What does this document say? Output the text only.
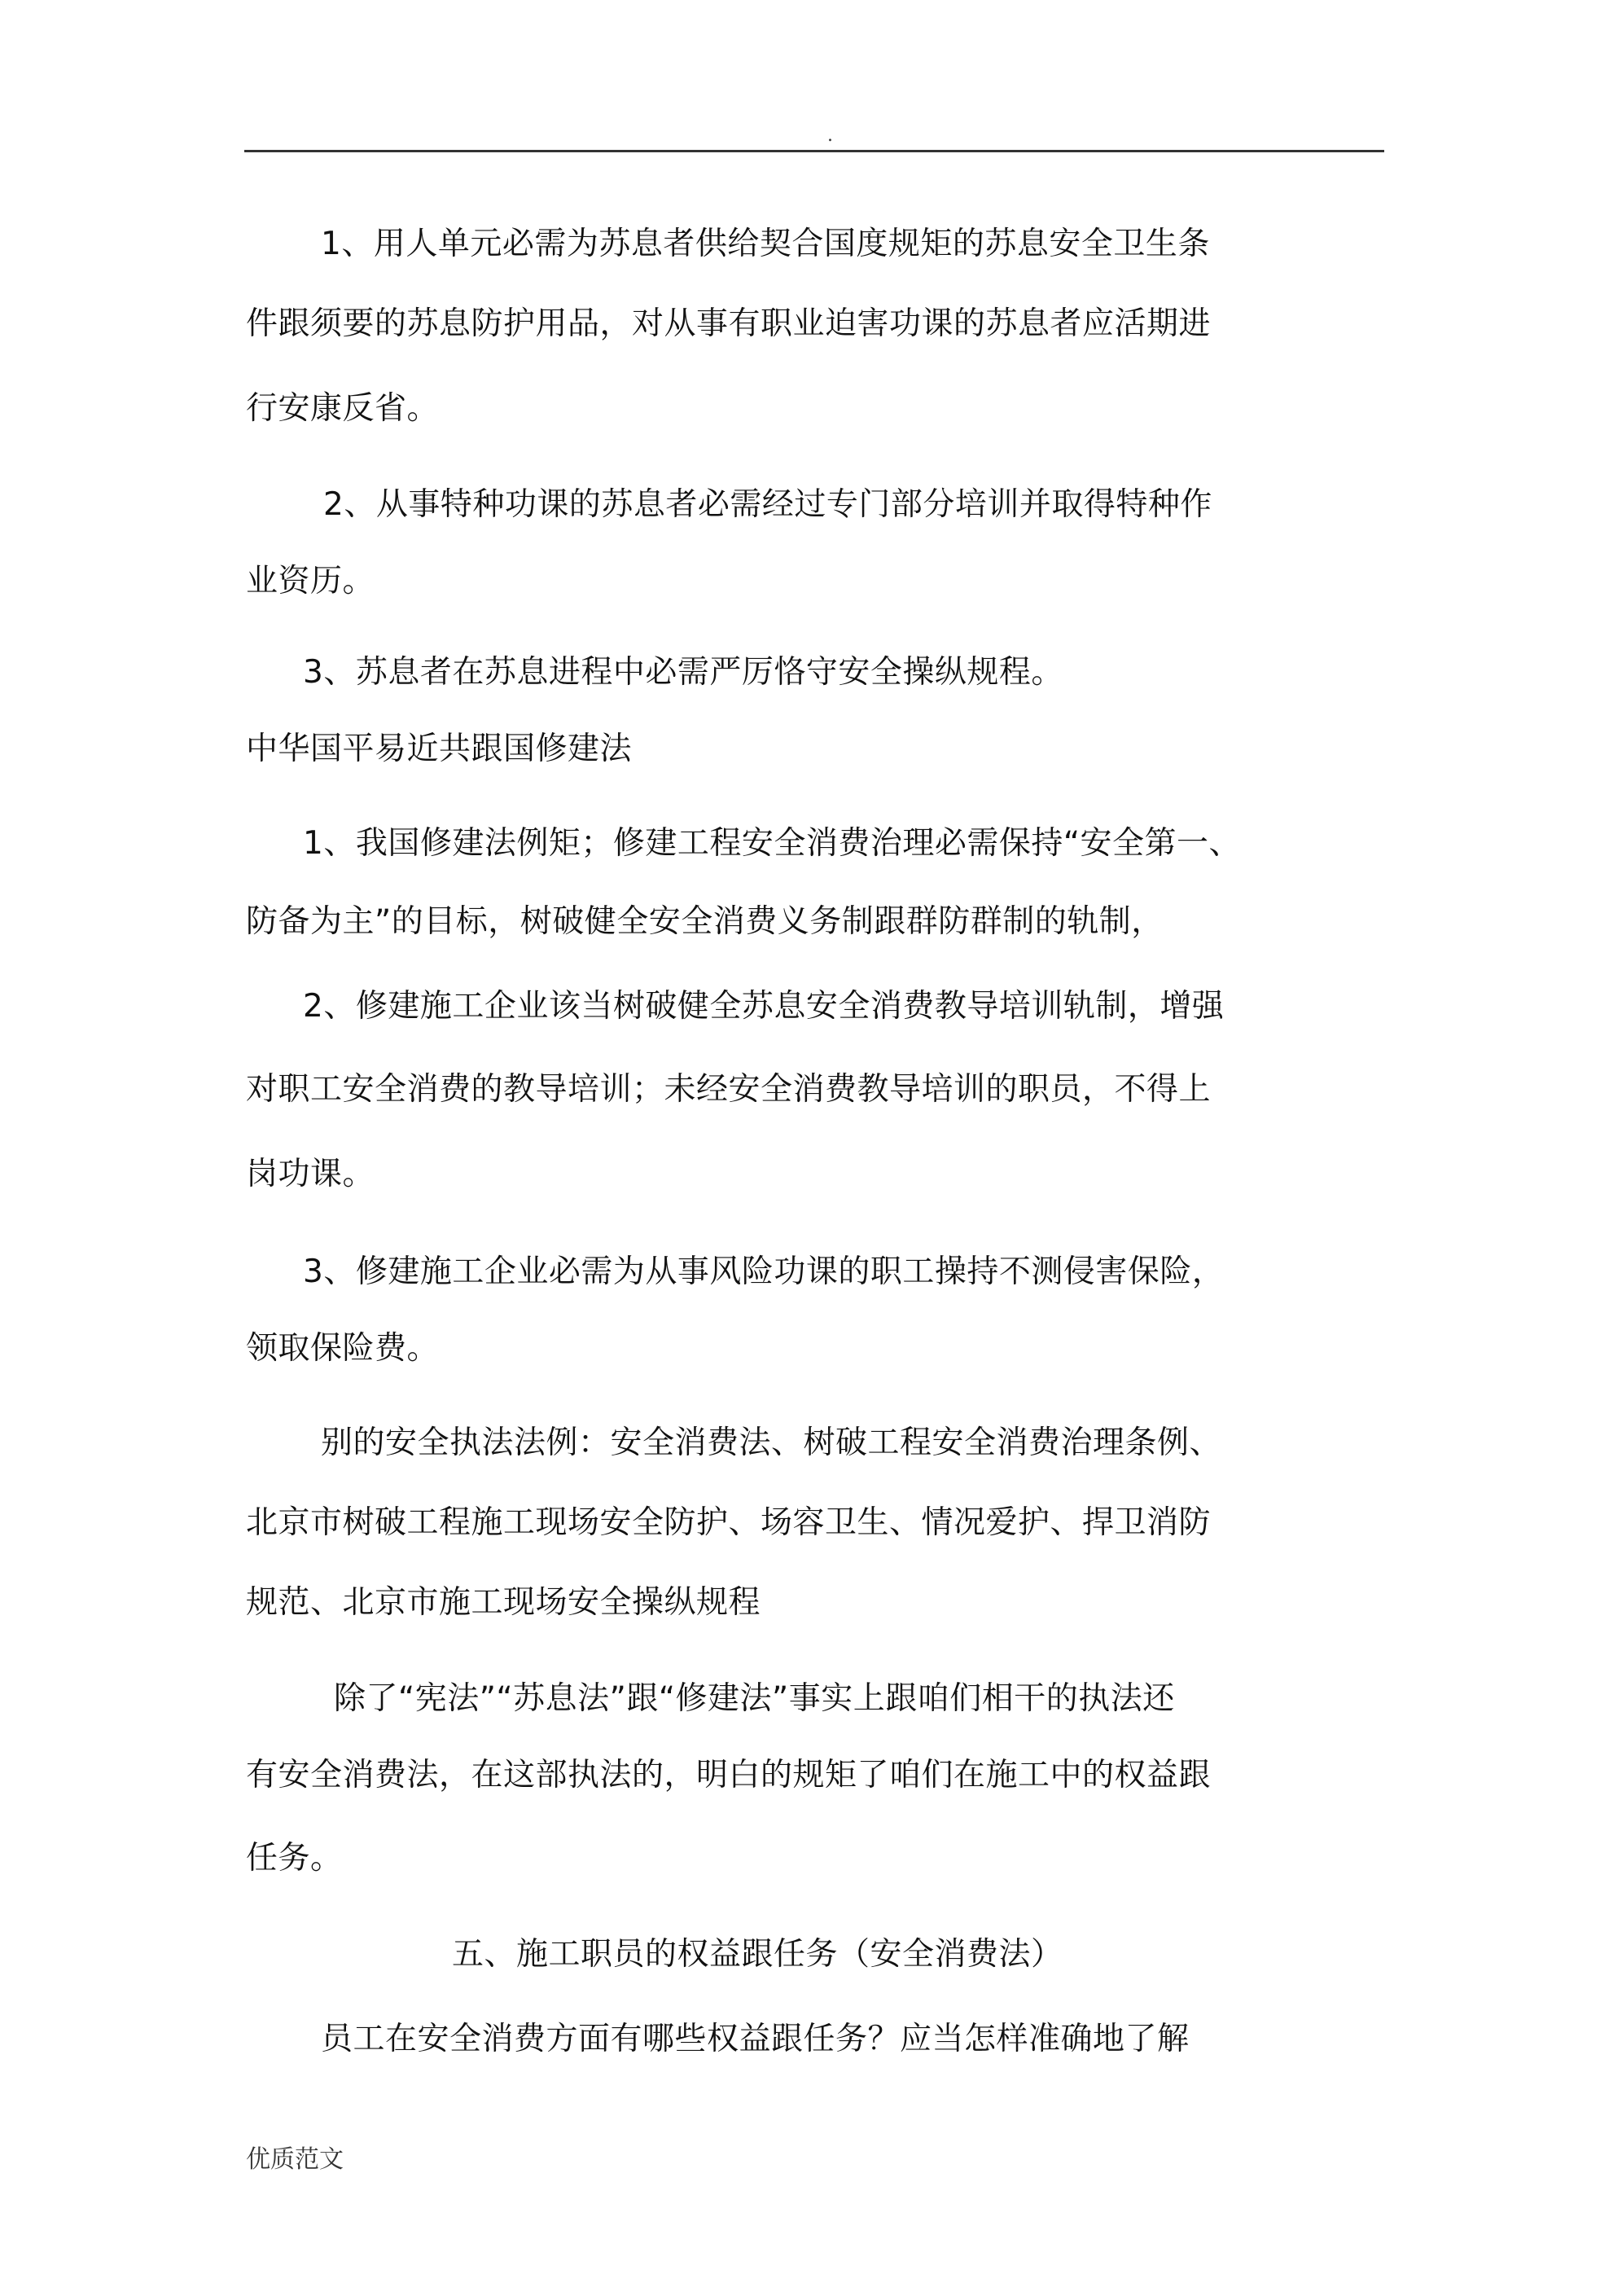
.
1、用人单元必需为苏息者供给契合国度规矩的苏息安全卫生条
件跟须要的苏息防护用品，对从事有职业迫害功课的苏息者应活期进
行安康反省。
2、从事特种功课的苏息者必需经过专门部分培训并取得特种作
业资历。
3、苏息者在苏息进程中必需严厉恪守安全操纵规程。
中华国平易近共跟国修建法
1、我国修建法例矩；修建工程安全消费治理必需保持“安全第一、
防备为主”的目标，树破健全安全消费义务制跟群防群制的轨制，
2、修建施工企业该当树破健全苏息安全消费教导培训轨制，增强
对职工安全消费的教导培训；未经安全消费教导培训的职员，不得上
岗功课。
3、修建施工企业必需为从事风险功课的职工操持不测侵害保险，
领取保险费。
别的安全执法法例：安全消费法、树破工程安全消费治理条例、
北京市树破工程施工现场安全防护、场容卫生、情况爱护、捍卫消防
规范、北京市施工现场安全操纵规程
除了“宪法”“苏息法”跟“修建法”事实上跟咱们相干的执法还
有安全消费法，在这部执法的，明白的规矩了咱们在施工中的权益跟
任务。
五、施工职员的权益跟任务（安全消费法）
员工在安全消费方面有哪些权益跟任务？应当怎样准确地了解
优质范文
